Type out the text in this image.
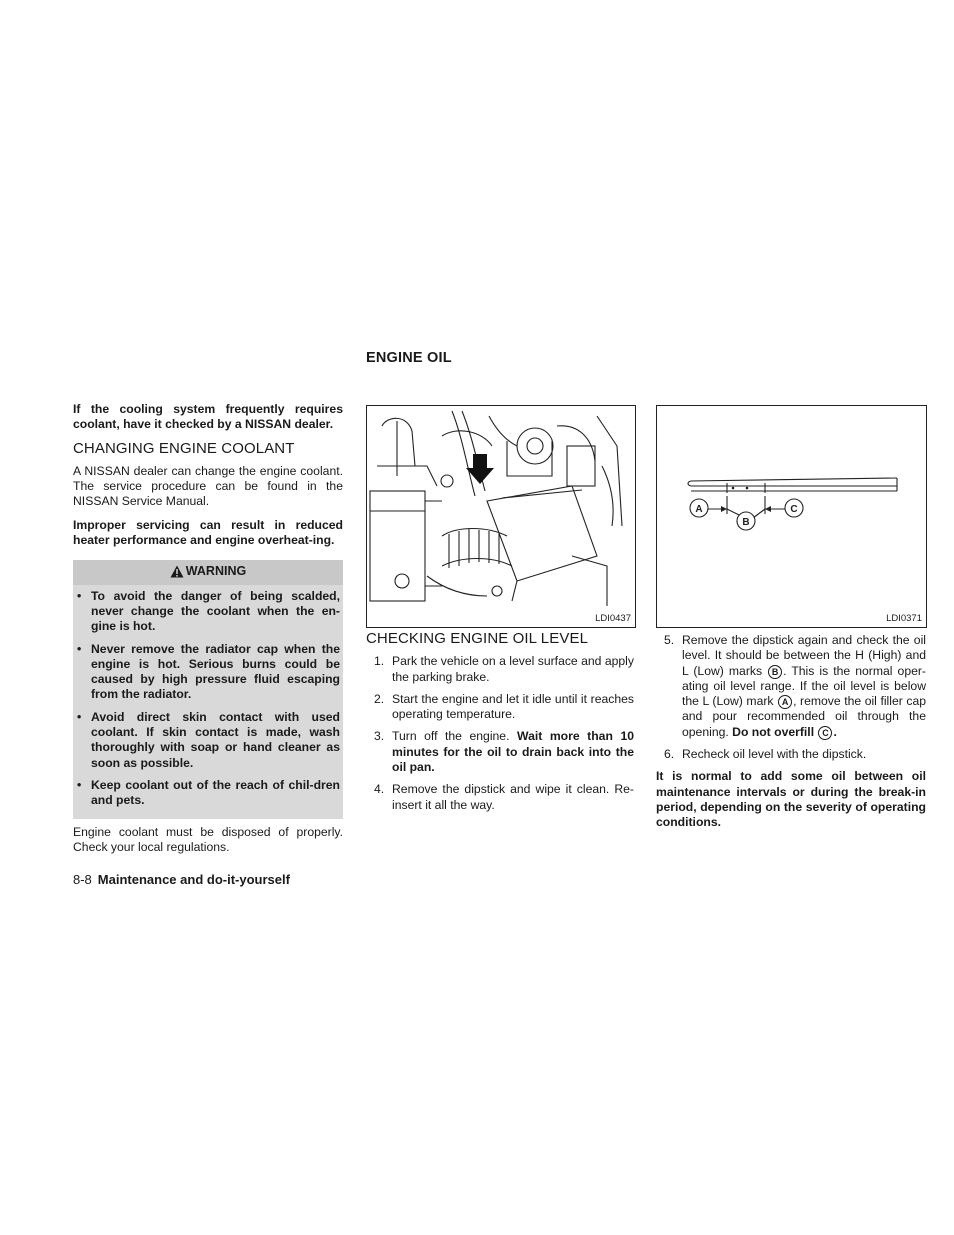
If the cooling system frequently requires coolant, have it checked by a NISSAN dealer.

CHANGING ENGINE COOLANT

A NISSAN dealer can change the engine coolant. The service procedure can be found in the NISSAN Service Manual.

Improper servicing can result in reduced heater performance and engine overheat-ing.

WARNING
• To avoid the danger of being scalded, never change the coolant when the en-gine is hot.
• Never remove the radiator cap when the engine is hot. Serious burns could be caused by high pressure fluid escaping from the radiator.
• Avoid direct skin contact with used coolant. If skin contact is made, wash thoroughly with soap or hand cleaner as soon as possible.
• Keep coolant out of the reach of chil-dren and pets.

Engine coolant must be disposed of properly. Check your local regulations.

ENGINE OIL
LDI0437
A
B
C
LDI0371
CHECKING ENGINE OIL LEVEL
1. Park the vehicle on a level surface and apply the parking brake.
2. Start the engine and let it idle until it reaches operating temperature.
3. Turn off the engine. Wait more than 10 minutes for the oil to drain back into the oil pan.
4. Remove the dipstick and wipe it clean. Re-insert it all the way.
5. Remove the dipstick again and check the oil level. It should be between the H (High) and L (Low) marks B . This is the normal oper-ating oil level range. If the oil level is below the L (Low) mark A , remove the oil filler cap and pour recommended oil through the opening. Do not overfill C .
6. Recheck oil level with the dipstick.

It is normal to add some oil between oil maintenance intervals or during the break-in period, depending on the severity of operating conditions.

8-8 Maintenance and do-it-yourself
